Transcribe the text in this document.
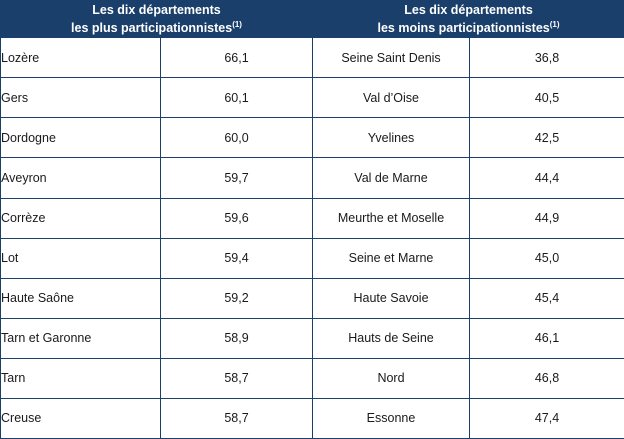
Les dix départements
les plus participationnistes$^{(1)}$		Les dix départements
les moins participationnistes$^{(1)}$

Lozère	66,1	Seine Saint Denis	36,8
Gers	60,1	Val d’Oise	40,5
Dordogne	60,0	Yvelines	42,5
Aveyron	59,7	Val de Marne	44,4
Corrèze	59,6	Meurthe et Moselle	44,9
Lot	59,4	Seine et Marne	45,0
Haute Saône	59,2	Haute Savoie	45,4
Tarn et Garonne	58,9	Hauts de Seine	46,1
Tarn	58,7	Nord	46,8
Creuse	58,7	Essonne	47,4
